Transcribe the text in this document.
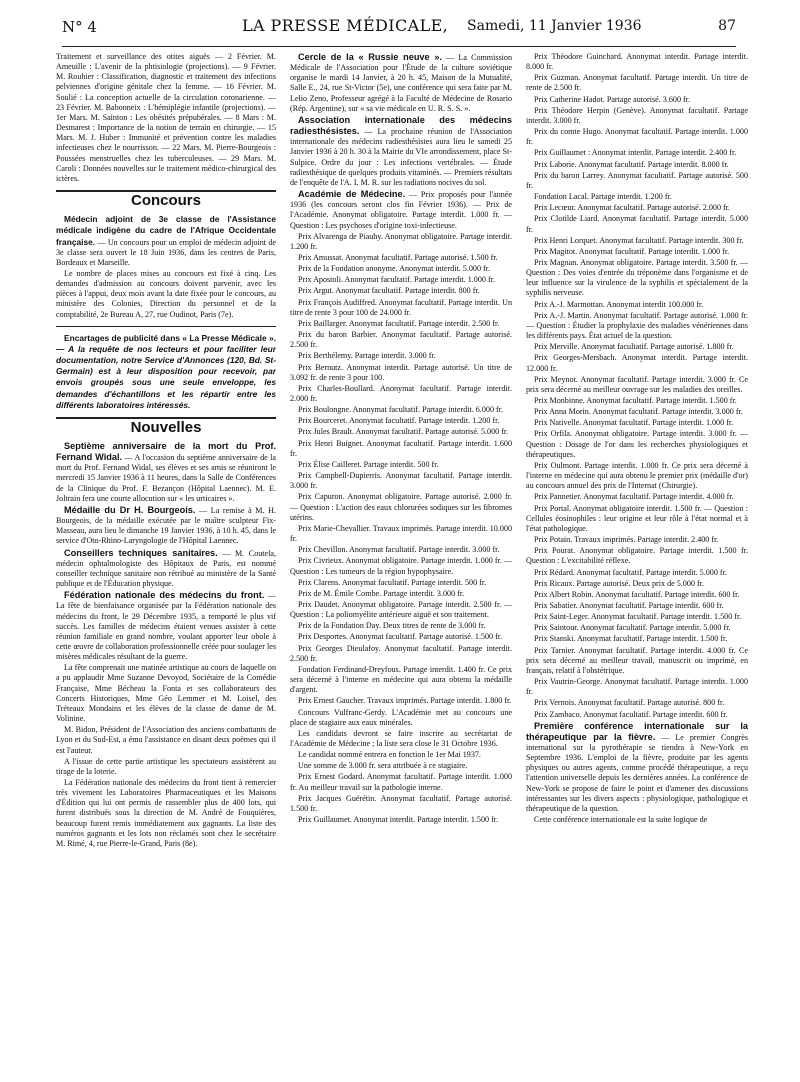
N° 4	LA PRESSE MÉDICALE, Samedi, 11 Janvier 1936	87

Traitement et surveillance des otites aiguës — 2 Février. M. Ameuille : L'avenir de la phtisiologie (projections). — 9 Février. M. Rouhier : Classification, diagnostic et traitement des infections pelviennes d'origine génitale chez la femme. — 16 Février. M. Soulié : La conception actuelle de la circulation coronarienne. — 23 Février. M. Babonneix : L'hémiplégie infantile (projections). — 1er Mars. M. Sainton : Les obésités prépubérales. — 8 Mars : M. Desmarest : Importance de la notion de terrain en chirurgie. — 15 Mars. M. J. Huber : Immunité et prévention contre les maladies infectieuses chez le nourrisson. — 22 Mars. M. Pierre-Bourgeois : Poussées menstruelles chez les tuberculeuses. — 29 Mars. M. Caroli : Données nouvelles sur le traitement médico-chirurgical des ictères.

Concours

Médecin adjoint de 3e classe de l'Assistance médicale indigène du cadre de l'Afrique Occidentale française. — Un concours pour un emploi de médecin adjoint de 3e classe sera ouvert le 18 Juin 1936, dans les centres de Paris, Bordeaux et Marseille.

Le nombre de places mises au concours est fixé à cinq. Les demandes d'admission au concours doivent parvenir, avec les pièces à l'appui, deux mois avant la date fixée pour le concours, au ministère des Colonies, Direction du personnel et de la comptabilité, 2e Bureau A, 27, rue Oudinot, Paris (7e).

Encartages de publicité dans « La Presse Médicale ». — A la requête de nos lecteurs et pour faciliter leur documentation, notre Service d'Annonces (120, Bd. St-Germain) est à leur disposition pour recevoir, par envois groupés sous une seule enveloppe, les demandes d'échantillons et les répartir entre les différents laboratoires intéressés.

Nouvelles

Septième anniversaire de la mort du Prof. Fernand Widal. — A l'occasion du septième anniversaire de la mort du Prof. Fernand Widal, ses élèves et ses amis se réuniront le mercredi 15 Janvier 1936 à 11 heures, dans la Salle de Conférences de la Clinique du Prof. F. Bezançon (Hôpital Laennec). M. E. Joltrain fera une courte allocution sur « les urticaires ».

Médaille du Dr H. Bourgeois. — La remise à M. H. Bourgeois, de la médaille exécutée par le maître sculpteur Fix-Masseau, aura lieu le dimanche 19 Janvier 1936, à 10 h. 45, dans le service d'Oto-Rhino-Laryngologie de l'Hôpital Laennec.

Conseillers techniques sanitaires. — M. Coutela, médecin ophtalmologiste des Hôpitaux de Paris, est nommé conseiller technique sanitaire non rétribué au ministère de la Santé publique et de l'Éducation physique.

Fédération nationale des médecins du front. — La fête de bienfaisance organisée par la Fédération nationale des médecins du front, le 29 Décembre 1935, a remporté le plus vif succès. Les familles de médecins étaient venues assister à cette réunion familiale en grand nombre, voulant apporter leur obole à cette œuvre de collaboration professionnelle créée pour soulager les misères médicales résultant de la guerre.

La fête comprenait une matinée artistique au cours de laquelle on a pu applaudir Mme Suzanne Devoyod, Sociétaire de la Comédie Française, Mme Bécheau la Fonta et ses collaborateurs des Concerts Historiques, Mme Géo Lemmer et M. Loisel, des Tréteaux Mondains et les élèves de la classe de danse de M. Volinine.

M. Bidon, Président de l'Association des anciens combattants de Lyon et du Sud-Est, a ému l'assistance en disant deux poèmes qui il est l'auteur.

A l'issue de cette partie artistique les spectateurs assistèrent au tirage de la loterie.

La Fédération nationale des médecins du front tient à remercier très vivement les Laboratoires Pharmaceutiques et les Maisons d'Édition qui lui ont permis de rassembler plus de 400 lots, qui furent distribués sous la direction de M. André de Fouquières, beaucoup furent remis immédiatement aux gagnants. La liste des numéros gagnants et les lots non réclamés sont chez le secrétaire M. Rimé, 4, rue Pierre-le-Grand, Paris (8e).

Cercle de la « Russie neuve ». — La Commission Médicale de l'Association pour l'Étude de la culture soviétique organise le mardi 14 Janvier, à 20 h. 45, Maison de la Mutualité, Salle E., 24, rue St-Victor (5e), une conférence qui sera faite par M. Lelio Zeno, Professeur agrégé à la Faculté de Médecine de Rosario (Rép. Argentine), sur « sa vie médicale en U. R. S. S. ».

Association internationale des médecins radiesthésistes. — La prochaine réunion de l'Association internationale des médecins radiesthésistes aura lieu le samedi 25 Janvier 1936 à 20 h. 30 à la Mairie du VIe arrondissement, place St-Sulpice. Ordre du jour : Les infections vertébrales. — Étude radiesthésique de quelques produits vitaminés. — Premiers résultats de l'enquête de l'A. I. M. R. sur les radiations nocives du sol.

Académie de Médecine. — Prix proposés pour l'année 1936 (les concours seront clos fin Février 1936). — Prix de l'Académie. Anonymat obligatoire. Partage interdit. 1.000 fr. — Question : Les psychoses d'origine toxi-infectieuse.

Prix Alvarenga de Piauhy. Anonymat obligatoire. Partage interdit. 1.200 fr.

Prix Amussat. Anonymat facultatif. Partage autorisé. 1.500 fr.

Prix de la Fondation anonyme. Anonymat interdit. 5.000 fr.

Prix Apostoli. Anonymat facultatif. Partage interdit. 1.000 fr.

Prix Argut. Anonymat facultatif. Partage interdit. 800 fr.

Prix François Audiffred. Anonymat facultatif. Partage interdit. Un titre de rente 3 pour 100 de 24.000 fr.

Prix Baillarger. Anonymat facultatif. Partage interdit. 2.500 fr.

Prix du baron Barbier. Anonymat facultatif. Partage autorisé. 2.500 fr.

Prix Berthélemy. Partage interdit. 3.000 fr.

Prix Bernutz. Anonymat interdit. Partage autorisé. Un titre de 3.092 fr. de rente 3 pour 100.

Prix Charles-Boullard. Anonymat facultatif. Partage interdit. 2.000 fr.

Prix Boulongne. Anonymat facultatif. Partage interdit. 6.000 fr.

Prix Bourceret. Anonymat facultatif. Partage interdit. 1.200 fr.

Prix Jules Brault. Anonymat facultatif. Partage autorisé. 5.000 fr.

Prix Henri Buignet. Anonymat facultatif. Partage interdit. 1.600 fr.

Prix Élise Cailleret. Partage interdit. 500 fr.

Prix Campbell-Dupierris. Anonymat facultatif. Partage interdit. 3.000 fr.

Prix Capuron. Anonymat obligatoire. Partage autorisé. 2.000 fr. — Question : L'action des eaux chlorurées sodiques sur les fibromes utérins.

Prix Marie-Chevallier. Travaux imprimés. Partage interdit. 10.000 fr.

Prix Chevillon. Anonymat facultatif. Partage interdit. 3.000 fr.

Prix Civrieux. Anonymat obligatoire. Partage interdit. 1.000 fr. — Question : Les tumeurs de la région hypophysaire.

Prix Clarens. Anonymat facultatif. Partage interdit. 500 fr.

Prix de M. Émile Combe. Partage interdit. 3.000 fr.

Prix Daudet. Anonymat obligatoire. Partage interdit. 2.500 fr. — Question : La poliomyélite antérieure aiguë et son traitement.

Prix de la Fondation Day. Deux titres de rente de 3.000 fr.

Prix Desportes. Anonymat facultatif. Partage autorisé. 1.500 fr.

Prix Georges Dieulafoy. Anonymat facultatif. Partage interdit. 2.500 fr.

Fondation Ferdinand-Dreyfous. Partage interdit. 1.400 fr. Ce prix sera décerné à l'interne en médecine qui aura obtenu la médaille d'argent.

Prix Ernest Gaucher. Travaux imprimés. Partage interdit. 1.800 fr.

Concours Vulfranc-Gerdy. L'Académie met au concours une place de stagiaire aux eaux minérales.

Les candidats devront se faire inscrire au secrétariat de l'Académie de Médecine ; la liste sera close le 31 Octobre 1936.

Le candidat nommé entrera en fonction le 1er Mai 1937.

Une somme de 3.000 fr. sera attribuée à ce stagiaire.

Prix Ernest Godard. Anonymat facultatif. Partage interdit. 1.000 fr. Au meilleur travail sur la pathologie interne.

Prix Jacques Guérétin. Anonymat facultatif. Partage autorisé. 1.500 fr.

Prix Guillaumet. Anonymat interdit. Partage interdit. 1.500 fr.

Prix Théodore Guinchard. Anonymat interdit. Partage interdit. 8.000 fr.

Prix Guzman. Anonymat facultatif. Partage interdit. Un titre de rente de 2.500 fr.

Prix Catherine Hadot. Partage autorisé. 3.600 fr.

Prix Théodore Herpin (Genève). Anonymat facultatif. Partage interdit. 3.000 fr.

Prix du comte Hugo. Anonymat facultatif. Partage interdit. 1.000 fr.

Prix Guillaumet : Anonymat interdit. Partage interdit. 2.400 fr.

Prix Laborie. Anonymat facultatif. Partage interdit. 8.000 fr.

Prix du baron Larrey. Anonymat facultatif. Partage autorisé. 500 fr.

Fondation Lacal. Partage interdit. 1.200 fr.

Prix Lecœur. Anonymat facultatif. Partage autorisé. 2.000 fr.

Prix Clotilde Liard. Anonymat facultatif. Partage interdit. 5.000 fr.

Prix Henri Lorquet. Anonymat facultatif. Partage interdit. 300 fr.

Prix Magitot. Anonymat facultatif. Partage interdit. 1.000 fr.

Prix Magnan. Anonymat obligatoire. Partage interdit. 3.500 fr. — Question : Des voies d'entrée du tréponème dans l'organisme et de leur influence sur la virulence de la syphilis et spécialement de la syphilis nerveuse.

Prix A.-J. Marmottan. Anonymat interdit 100.000 fr.

Prix A.-J. Martin. Anonymat facultatif. Partage autorisé. 1.000 fr. — Question : Étudier la prophylaxie des maladies vénériennes dans les différents pays. État actuel de la question.

Prix Merville. Anonymat facultatif. Partage autorisé. 1.800 fr.

Prix Georges-Mersbach. Anonymat interdit. Partage interdit. 12.000 fr.

Prix Meynot. Anonymat facultatif. Partage interdit. 3.000 fr. Ce prix sera décerné au meilleur ouvrage sur les maladies des oreilles.

Prix Monbinne. Anonymat facultatif. Partage interdit. 1.500 fr.

Prix Anna Morin. Anonymat facultatif. Partage interdit. 3.000 fr.

Prix Nativelle. Anonymat facultatif. Partage interdit. 1.000 fr.

Prix Orfila. Anonymat obligatoire. Partage interdit. 3.000 fr. — Question : Dosage de l'or dans les recherches physiologiques et thérapeutiques.

Prix Oulmont. Partage interdit. 1.000 fr. Ce prix sera décerné à l'interne en médecine qui aura obtenu le premier prix (médaille d'or) au concours annuel des prix de l'Internat (Chirurgie).

Prix Pannetier. Anonymat facultatif. Partage interdit. 4.000 fr.

Prix Portal. Anonymat obligatoire interdit. 1.500 fr. — Question : Cellules éosinophiles : leur origine et leur rôle à l'état normal et à l'état pathologique.

Prix Potain. Travaux imprimés. Partage interdit. 2.400 fr.

Prix Pourat. Anonymat obligatoire. Partage interdit. 1.500 fr. Question : L'excitabilité réflexe.

Prix Rédard. Anonymat facultatif. Partage interdit. 5.000 fr.

Prix Ricaux. Partage autorisé. Deux prix de 5.000 fr.

Prix Albert Robin. Anonymat facultatif. Partage interdit. 600 fr.

Prix Sabatier. Anonymat facultatif. Partage interdit. 600 fr.

Prix Saint-Leger. Anonymat facultatif. Partage interdit. 1.500 fr.

Prix Saintour. Anonymat facultatif. Partage interdit. 5.000 fr.

Prix Stanski. Anonymat facultatif. Partage interdit. 1.500 fr.

Prix Tarnier. Anonymat facultatif. Partage interdit. 4.000 fr. Ce prix sera décerné au meilleur travail, manuscrit ou imprimé, en français, relatif à l'obstétrique.

Prix Vautrin-George. Anonymat facultatif. Partage interdit. 1.000 fr.

Prix Vernois. Anonymat facultatif. Partage autorisé. 800 fr.

Prix Zambaco. Anonymat facultatif. Partage interdit. 600 fr.

Première conférence internationale sur la thérapeutique par la fièvre. — Le premier Congrès international sur la pyrothérapie se tiendra à New-York en Septembre 1936. L'emploi de la fièvre, produite par les agents physiques ou autres agents, comme procédé thérapeutique, a reçu l'attention universelle depuis les dernières années. La conférence de New-York se propose de faire le point et d'amener des discussions intéressantes sur les divers aspects : physiologique, pathologique et thérapeutique de la question.

Cette conférence internationale est la suite logique de
